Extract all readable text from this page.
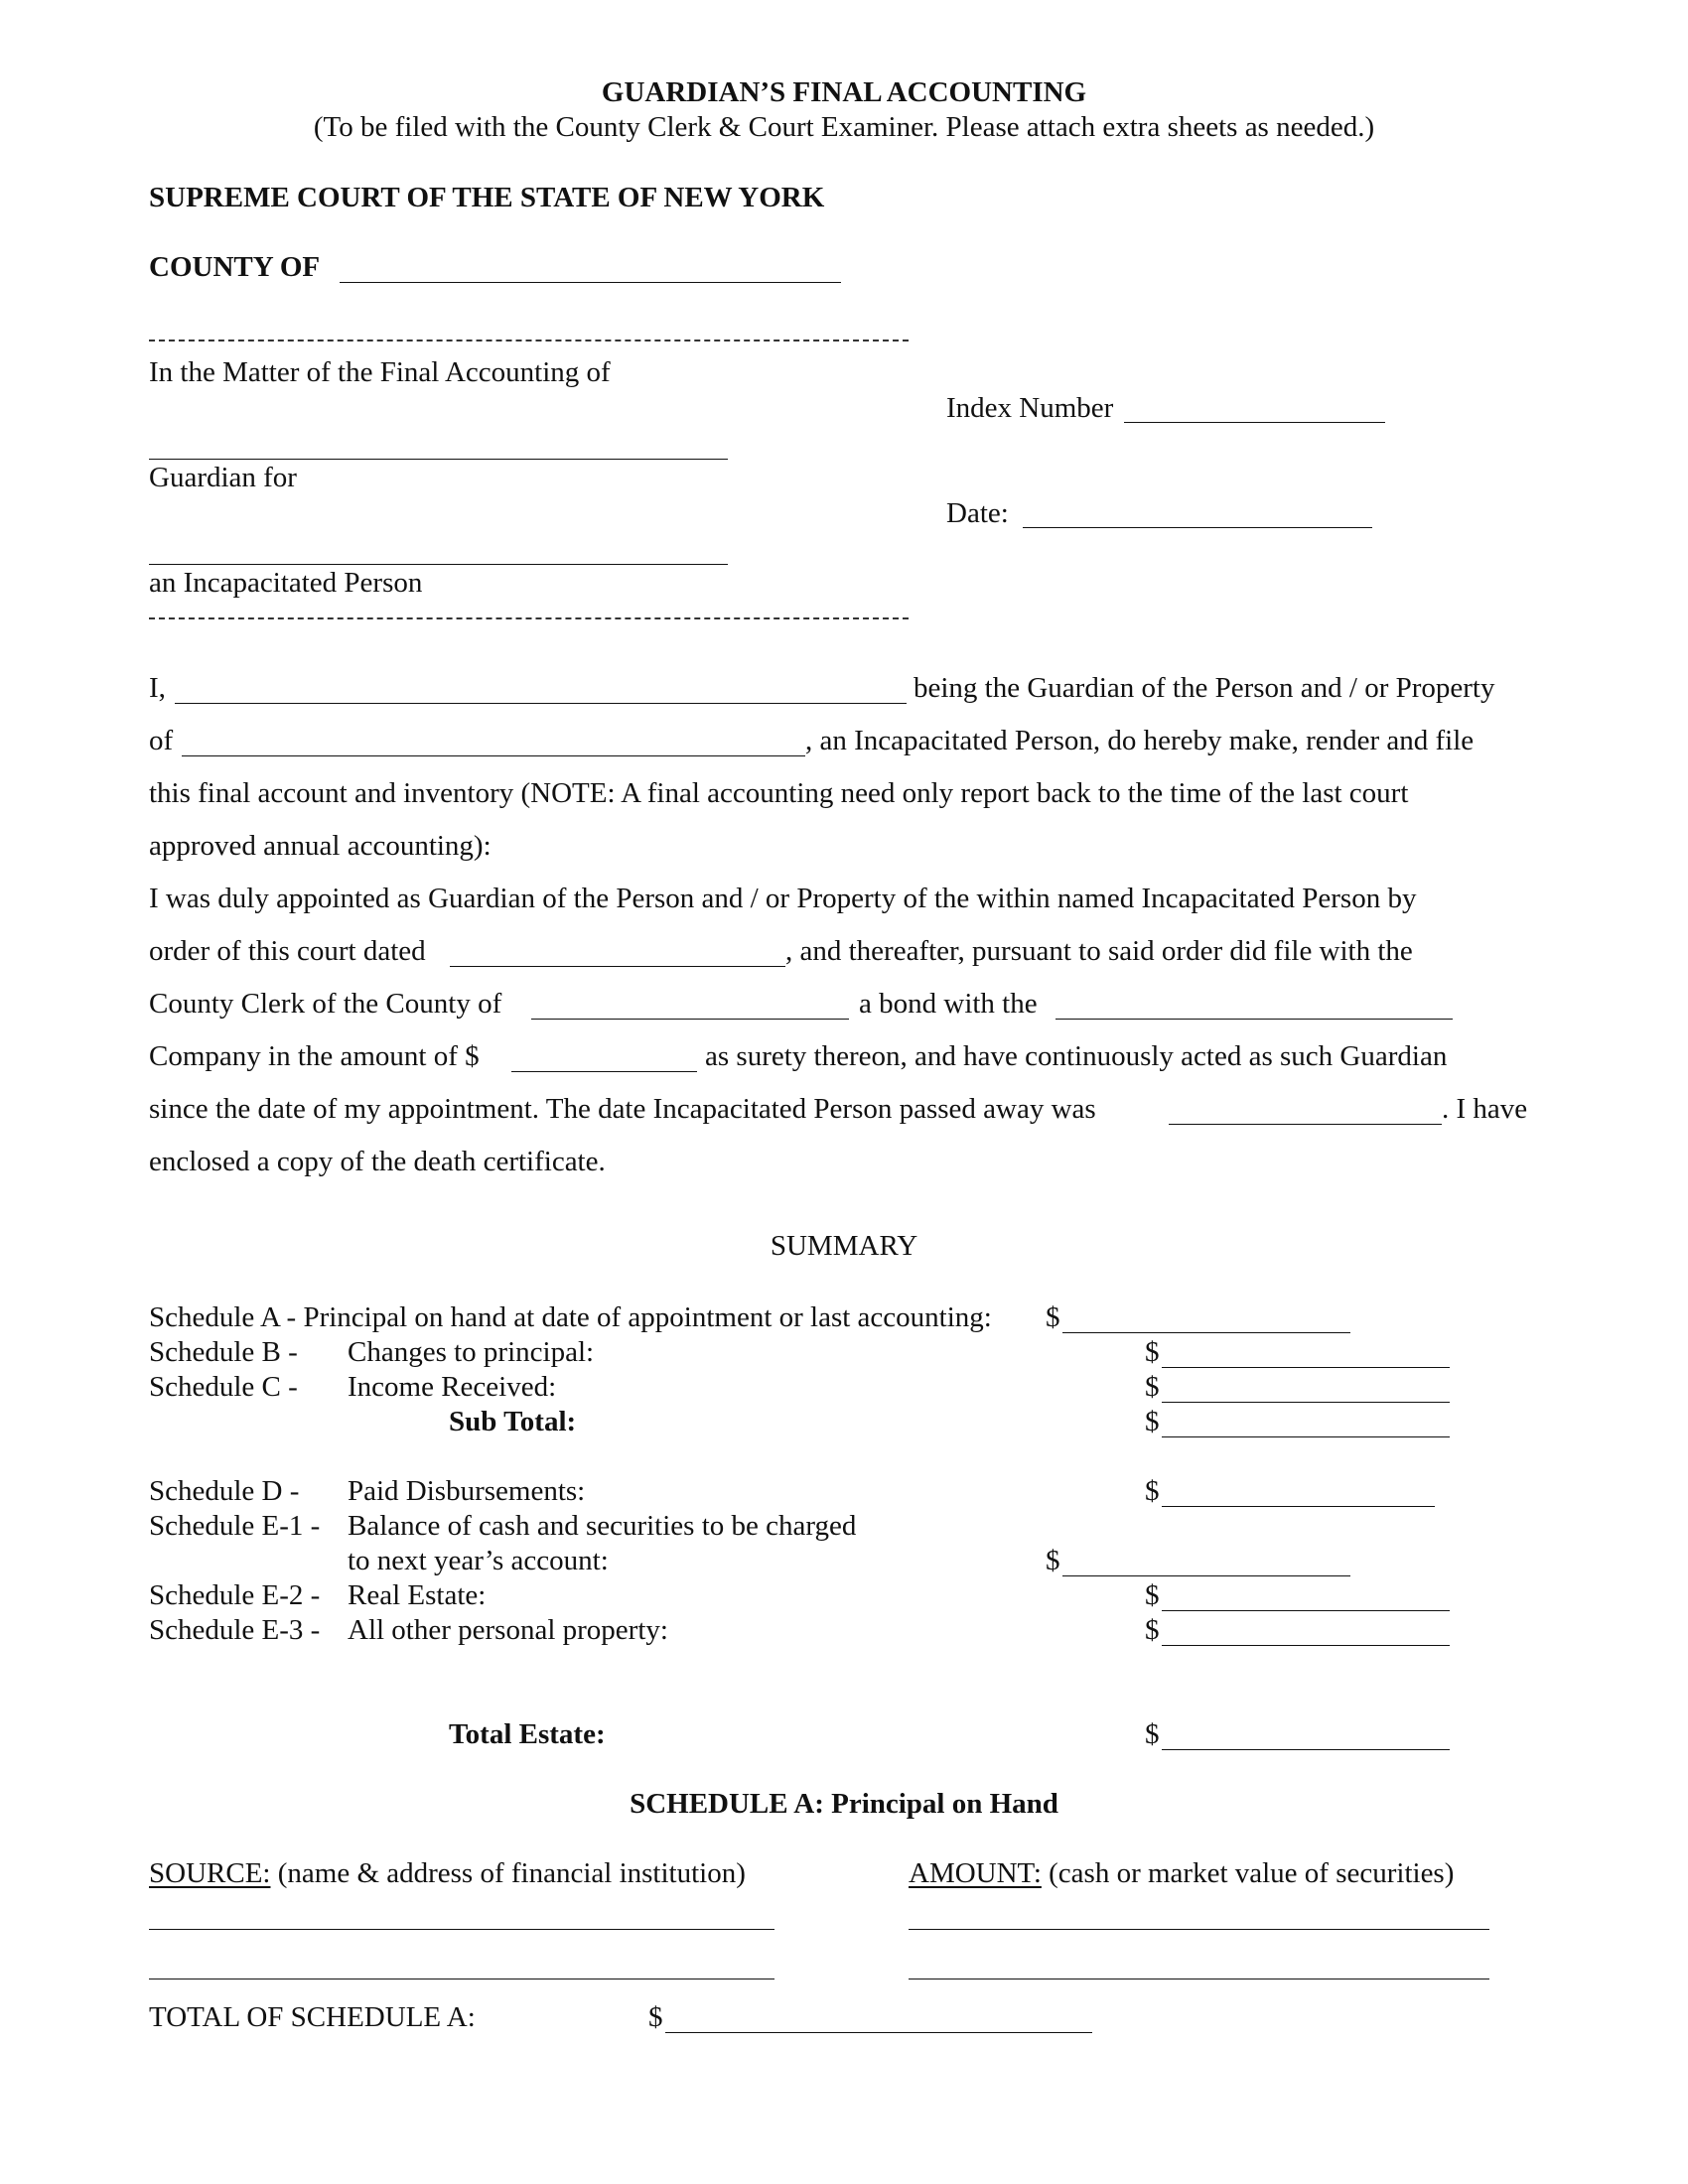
GUARDIAN’S FINAL ACCOUNTING
(To be filed with the County Clerk & Court Examiner. Please attach extra sheets as needed.)
SUPREME COURT OF THE STATE OF NEW YORK
COUNTY OF
In the Matter of the Final Accounting of
Guardian for
an Incapacitated Person
Index Number
Date:
I,	being the Guardian of the Person and / or Property
of	, an Incapacitated Person, do hereby make, render and file
this final account and inventory (NOTE: A final accounting need only report back to the time of the last court
approved annual accounting):
I was duly appointed as Guardian of the Person and / or Property of the within named Incapacitated Person by
order of this court dated	, and thereafter, pursuant to said order did file with the
County Clerk of the County of	a bond with the
Company in the amount of $	as surety thereon, and have continuously acted as such Guardian
since the date of my appointment. The date Incapacitated Person passed away was	. I have
enclosed a copy of the death certificate.
SUMMARY
Schedule A - Principal on hand at date of appointment or last accounting: $
Schedule B - Changes to principal:	$
Schedule C - Income Received:	$
Sub Total:	$
Schedule D - Paid Disbursements:	$
Schedule E-1 - Balance of cash and securities to be charged
to next year’s account:	$
Schedule E-2 - Real Estate:	$
Schedule E-3 - All other personal property:	$
Total Estate:	$
SCHEDULE A: Principal on Hand
SOURCE: (name & address of financial institution)	AMOUNT: (cash or market value of securities)
TOTAL OF SCHEDULE A:	$
